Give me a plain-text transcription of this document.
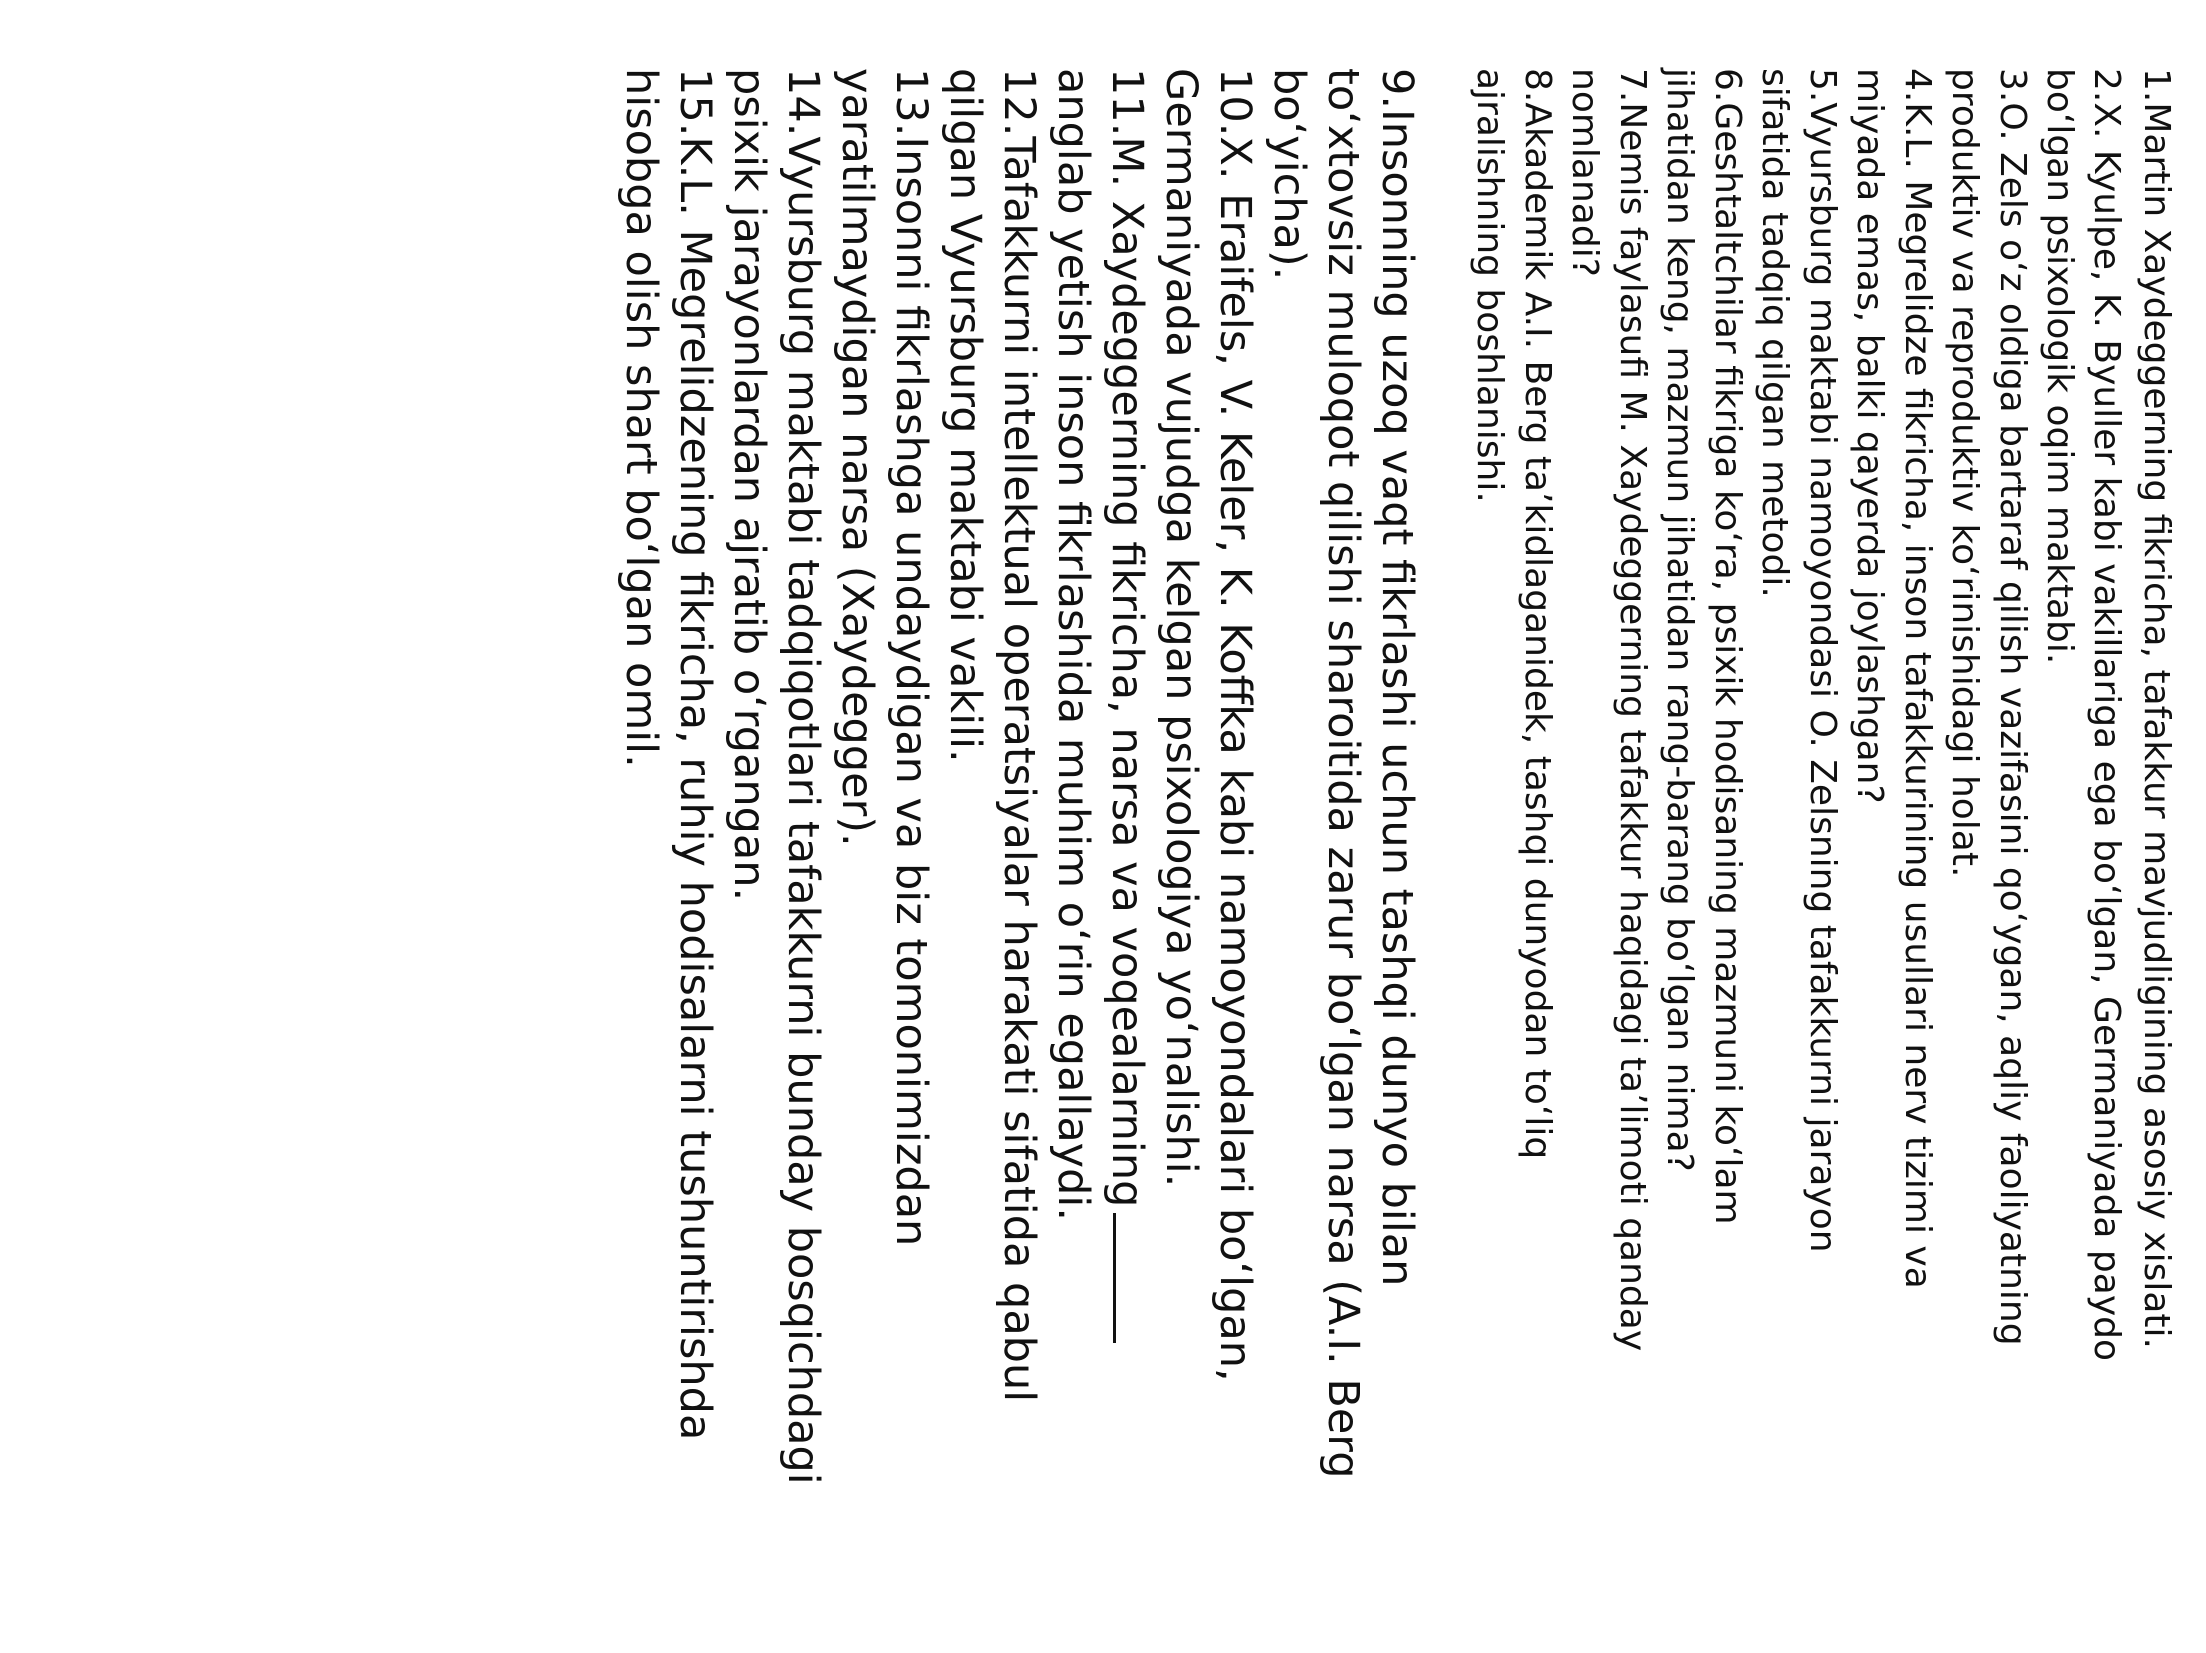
1.Martin Xaydeggerning fikricha, tafakkur mavjudligining asosiy xislati.
2.X. Kyulpe, K. Byuller kabi vakillariga ega bo‘lgan, Germaniyada paydo
bo‘lgan psixologik oqim maktabi.
3.O. Zels o‘z oldiga bartaraf qilish vazifasini qo‘ygan, aqliy faoliyatning
produktiv va reproduktiv ko‘rinishidagi holat.
4.K.L. Megrelidze fikricha, inson tafakkurining usullari nerv tizimi va
miyada emas, balki qayerda joylashgan?
5.Vyursburg maktabi namoyondasi O. Zelsning tafakkurni jarayon
sifatida tadqiq qilgan metodi.
6.Geshtaltchilar fikriga ko‘ra, psixik hodisaning mazmuni ko‘lam
jihatidan keng, mazmun jihatidan rang-barang bo‘lgan nima?
7.Nemis faylasufi M. Xaydeggerning tafakkur haqidagi ta’limoti qanday
nomlanadi?
8.Akademik A.I. Berg ta’kidlaganidek, tashqi dunyodan to‘liq
ajralishning boshlanishi.
9.Insonning uzoq vaqt fikrlashi uchun tashqi dunyo bilan
to‘xtovsiz muloqot qilishi sharoitida zarur bo‘lgan narsa (A.I. Berg
bo‘yicha).
10.X. Eraifels, V. Keler, K. Koffka kabi namoyondalari bo‘lgan,
Germaniyada vujudga kelgan psixologiya yo‘nalishi.
11.M. Xaydeggerning fikricha, narsa va voqealarning
anglab yetish inson fikrlashida muhim o‘rin egallaydi.
12.Tafakkurni intellektual operatsiyalar harakati sifatida qabul
qilgan Vyursburg maktabi vakili.
13.Insonni fikrlashga undaydigan va biz tomonimizdan
yaratilmaydigan narsa (Xaydegger).
14.Vyursburg maktabi tadqiqotlari tafakkurni bunday bosqichdagi
psixik jarayonlardan ajratib o‘rgangan.
15.K.L. Megrelidzening fikricha, ruhiy hodisalarni tushuntirishda
hisobga olish shart bo‘lgan omil.
